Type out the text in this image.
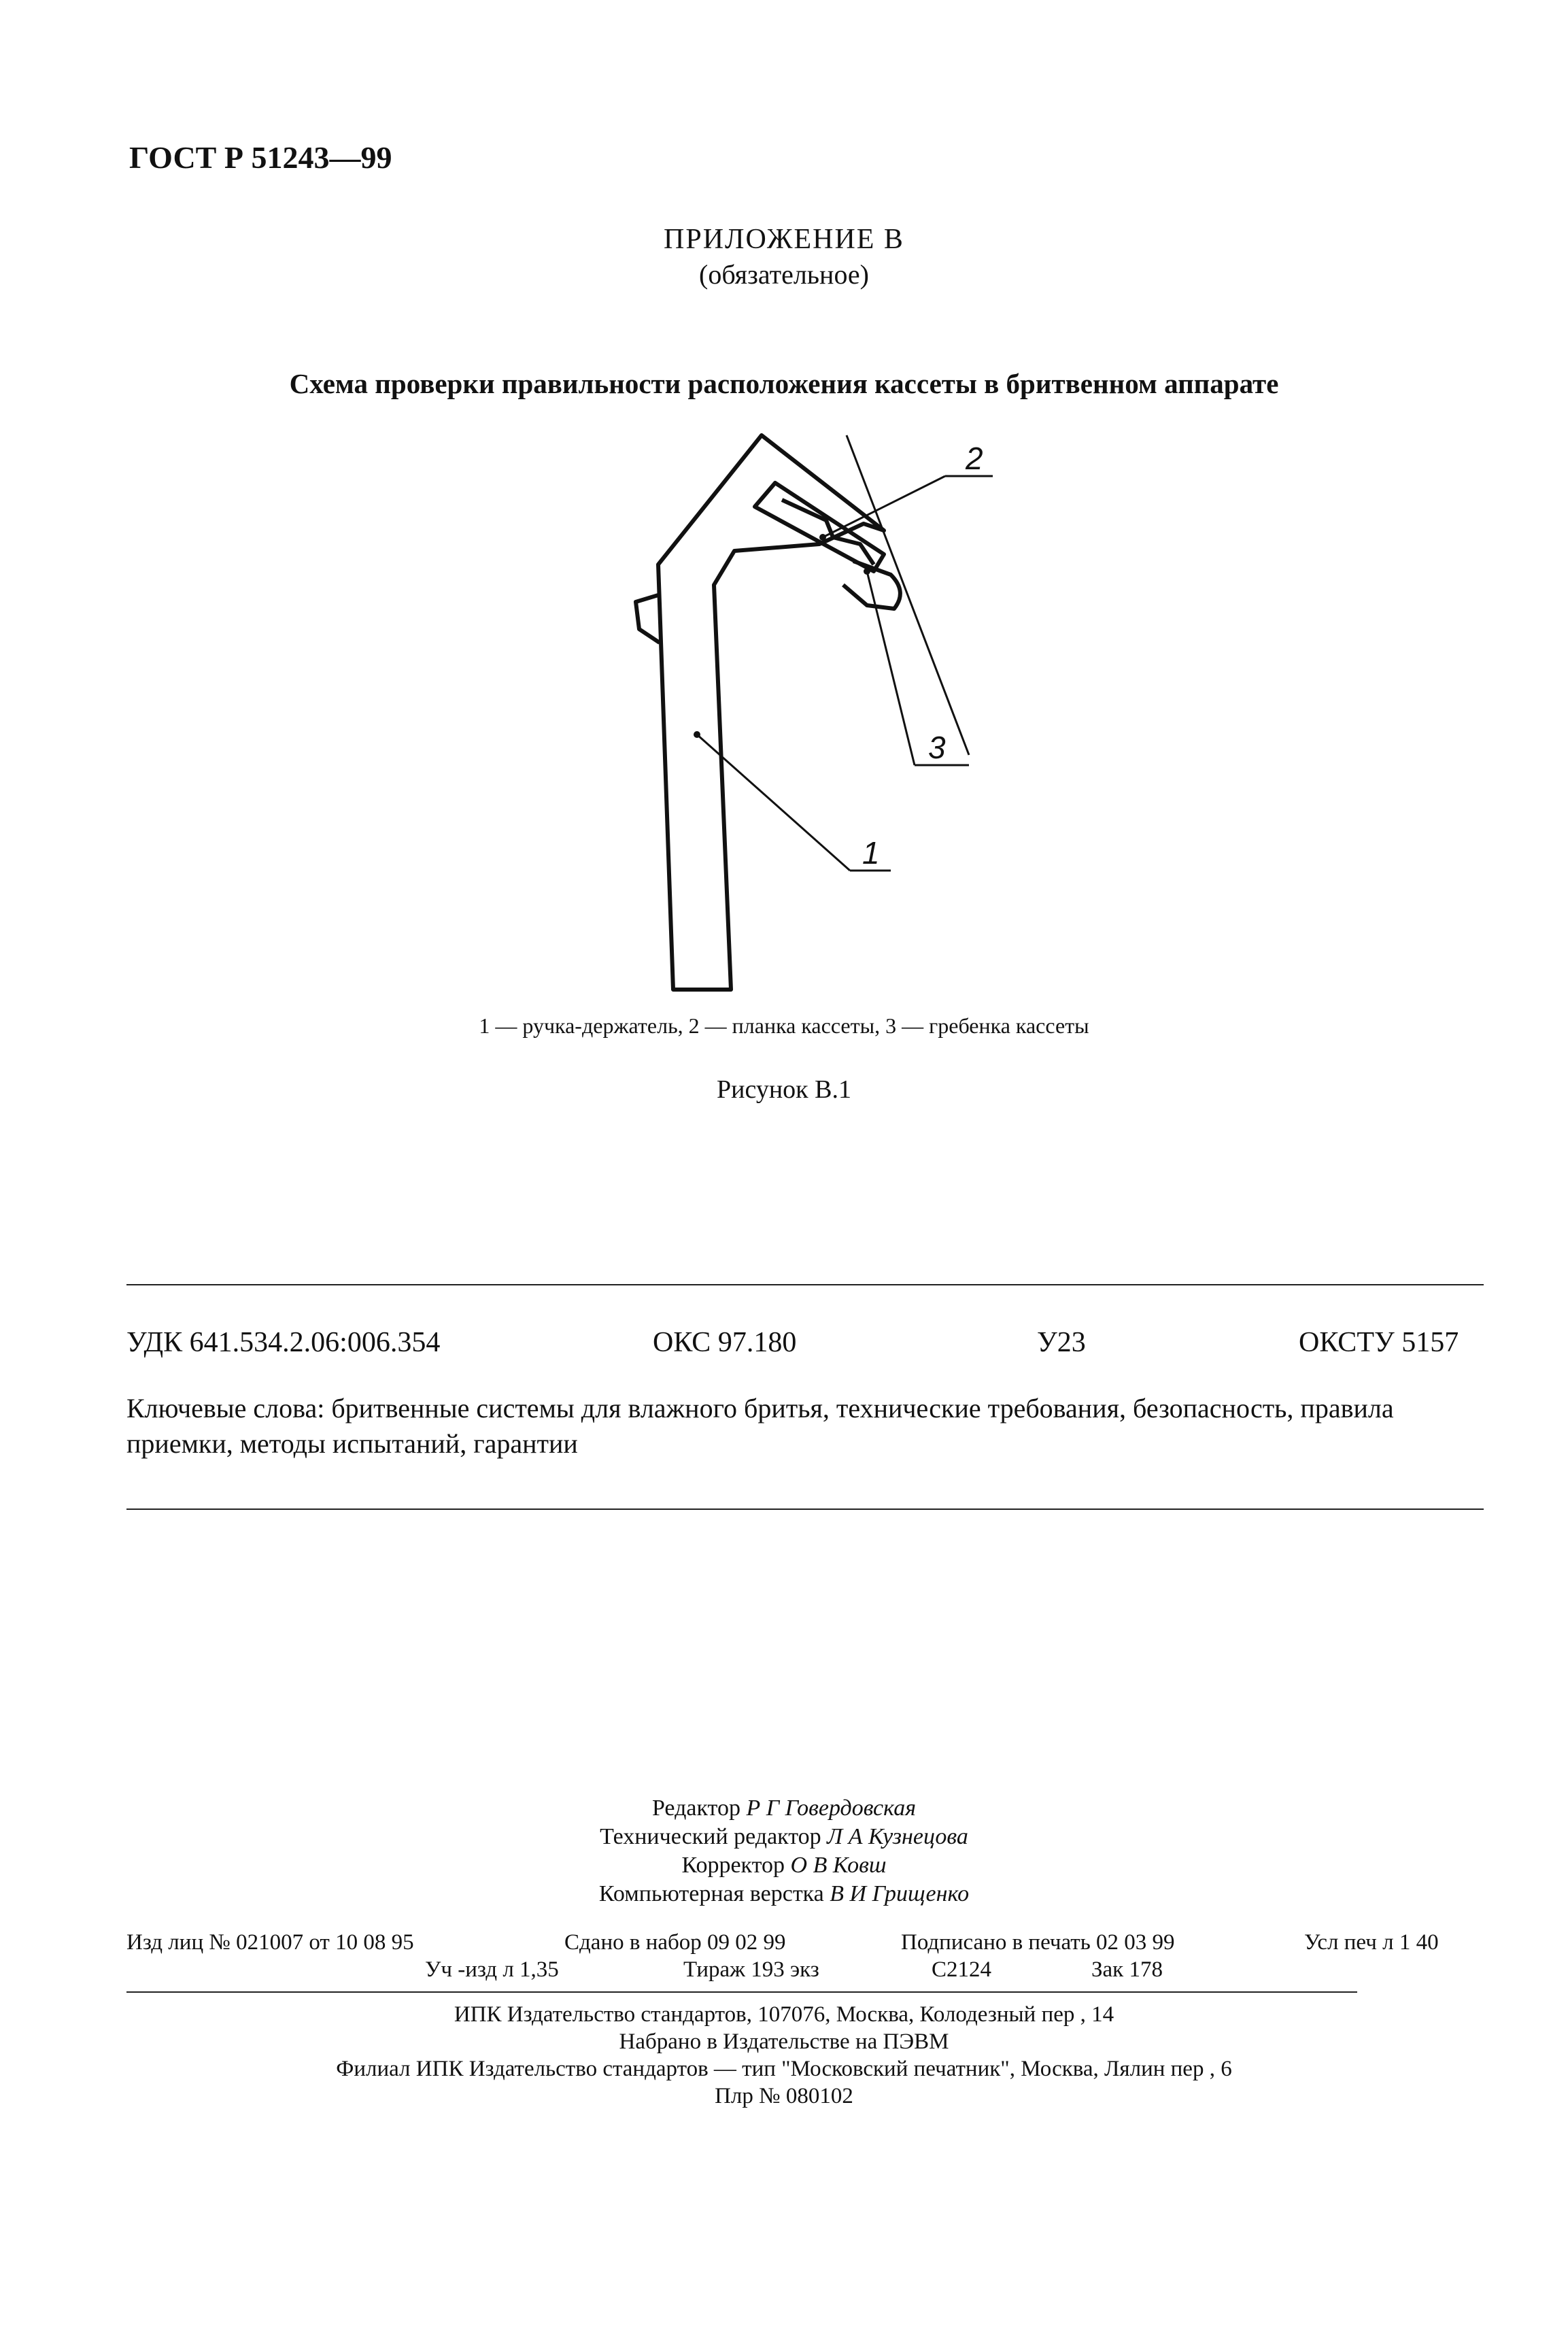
ГОСТ Р 51243—99
ПРИЛОЖЕНИЕ В
(обязательное)
Схема проверки правильности расположения кассеты в бритвенном аппарате
2
3
1
1 — ручка-держатель, 2 — планка кассеты, 3 — гребенка кассеты
Рисунок В.1
УДК 641.534.2.06:006.354	ОКС 97.180	У23	ОКСТУ 5157
Ключевые слова: бритвенные системы для влажного бритья, технические требования, безопасность, правила приемки, методы испытаний, гарантии
Редактор Р Г Говердовская
Технический редактор Л А Кузнецова
Корректор О В Ковш
Компьютерная верстка В И Грищенко
Изд лиц № 021007 от 10 08 95	Сдано в набор 09 02 99	Подписано в печать 02 03 99	Усл печ л 1 40
Уч -изд л 1,35	Тираж 193 экз	С2124	Зак 178
ИПК Издательство стандартов, 107076, Москва, Колодезный пер , 14
Набрано в Издательстве на ПЭВМ
Филиал ИПК Издательство стандартов — тип "Московский печатник", Москва, Лялин пер , 6
Плр № 080102
